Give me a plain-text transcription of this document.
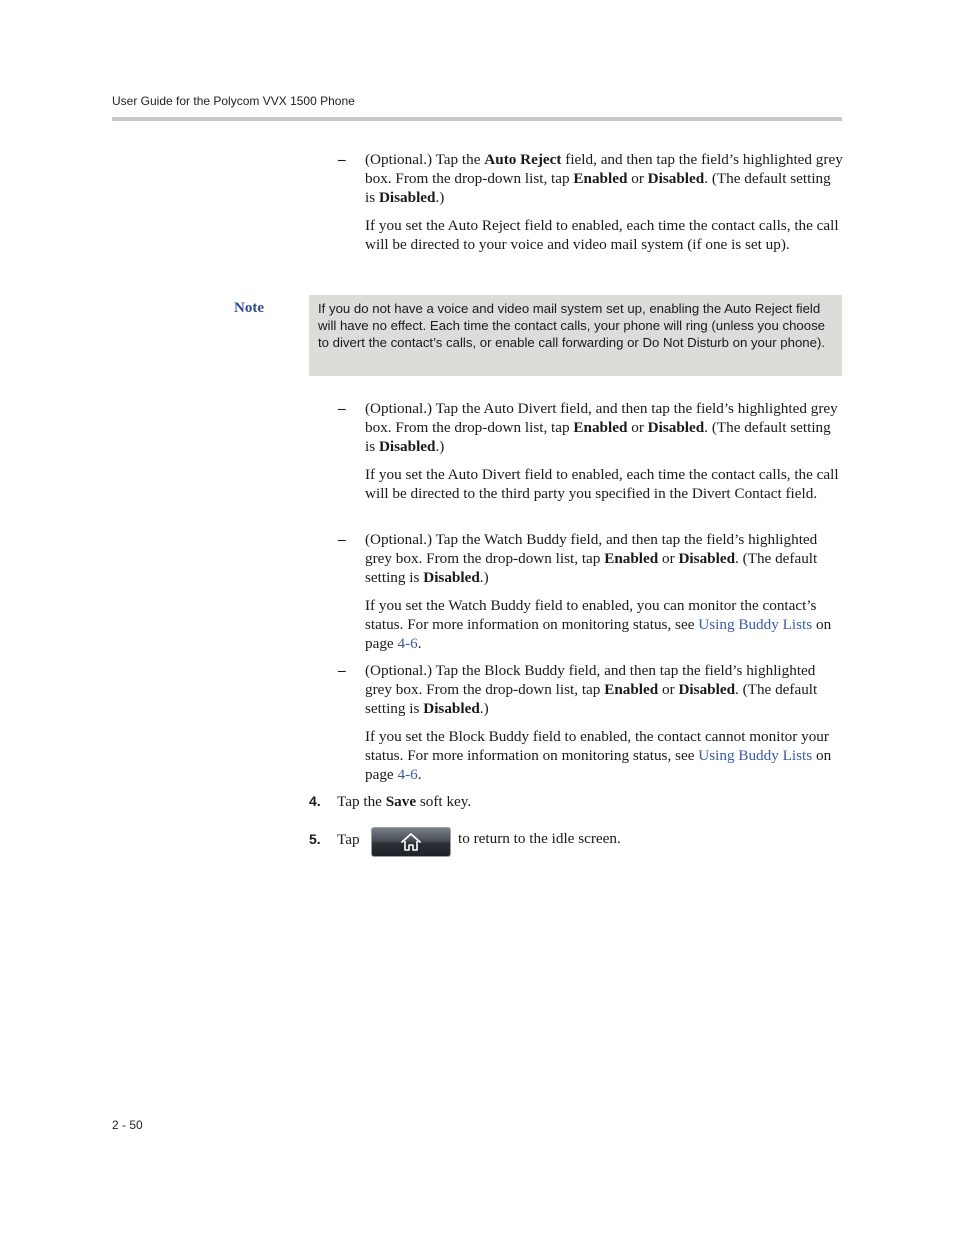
User Guide for the Polycom VVX 1500 Phone
– (Optional.) Tap the Auto Reject field, and then tap the field’s highlighted grey box. From the drop-down list, tap Enabled or Disabled. (The default setting is Disabled.)
If you set the Auto Reject field to enabled, each time the contact calls, the call will be directed to your voice and video mail system (if one is set up).
Note	If you do not have a voice and video mail system set up, enabling the Auto Reject field will have no effect. Each time the contact calls, your phone will ring (unless you choose to divert the contact’s calls, or enable call forwarding or Do Not Disturb on your phone).
– (Optional.) Tap the Auto Divert field, and then tap the field’s highlighted grey box. From the drop-down list, tap Enabled or Disabled. (The default setting is Disabled.)
If you set the Auto Divert field to enabled, each time the contact calls, the call will be directed to the third party you specified in the Divert Contact field.
– (Optional.) Tap the Watch Buddy field, and then tap the field’s highlighted grey box. From the drop-down list, tap Enabled or Disabled. (The default setting is Disabled.)
If you set the Watch Buddy field to enabled, you can monitor the contact’s status. For more information on monitoring status, see Using Buddy Lists on page 4-6.
– (Optional.) Tap the Block Buddy field, and then tap the field’s highlighted grey box. From the drop-down list, tap Enabled or Disabled. (The default setting is Disabled.)
If you set the Block Buddy field to enabled, the contact cannot monitor your status. For more information on monitoring status, see Using Buddy Lists on page 4-6.
4. Tap the Save soft key.
5. Tap	to return to the idle screen.
2 - 50
